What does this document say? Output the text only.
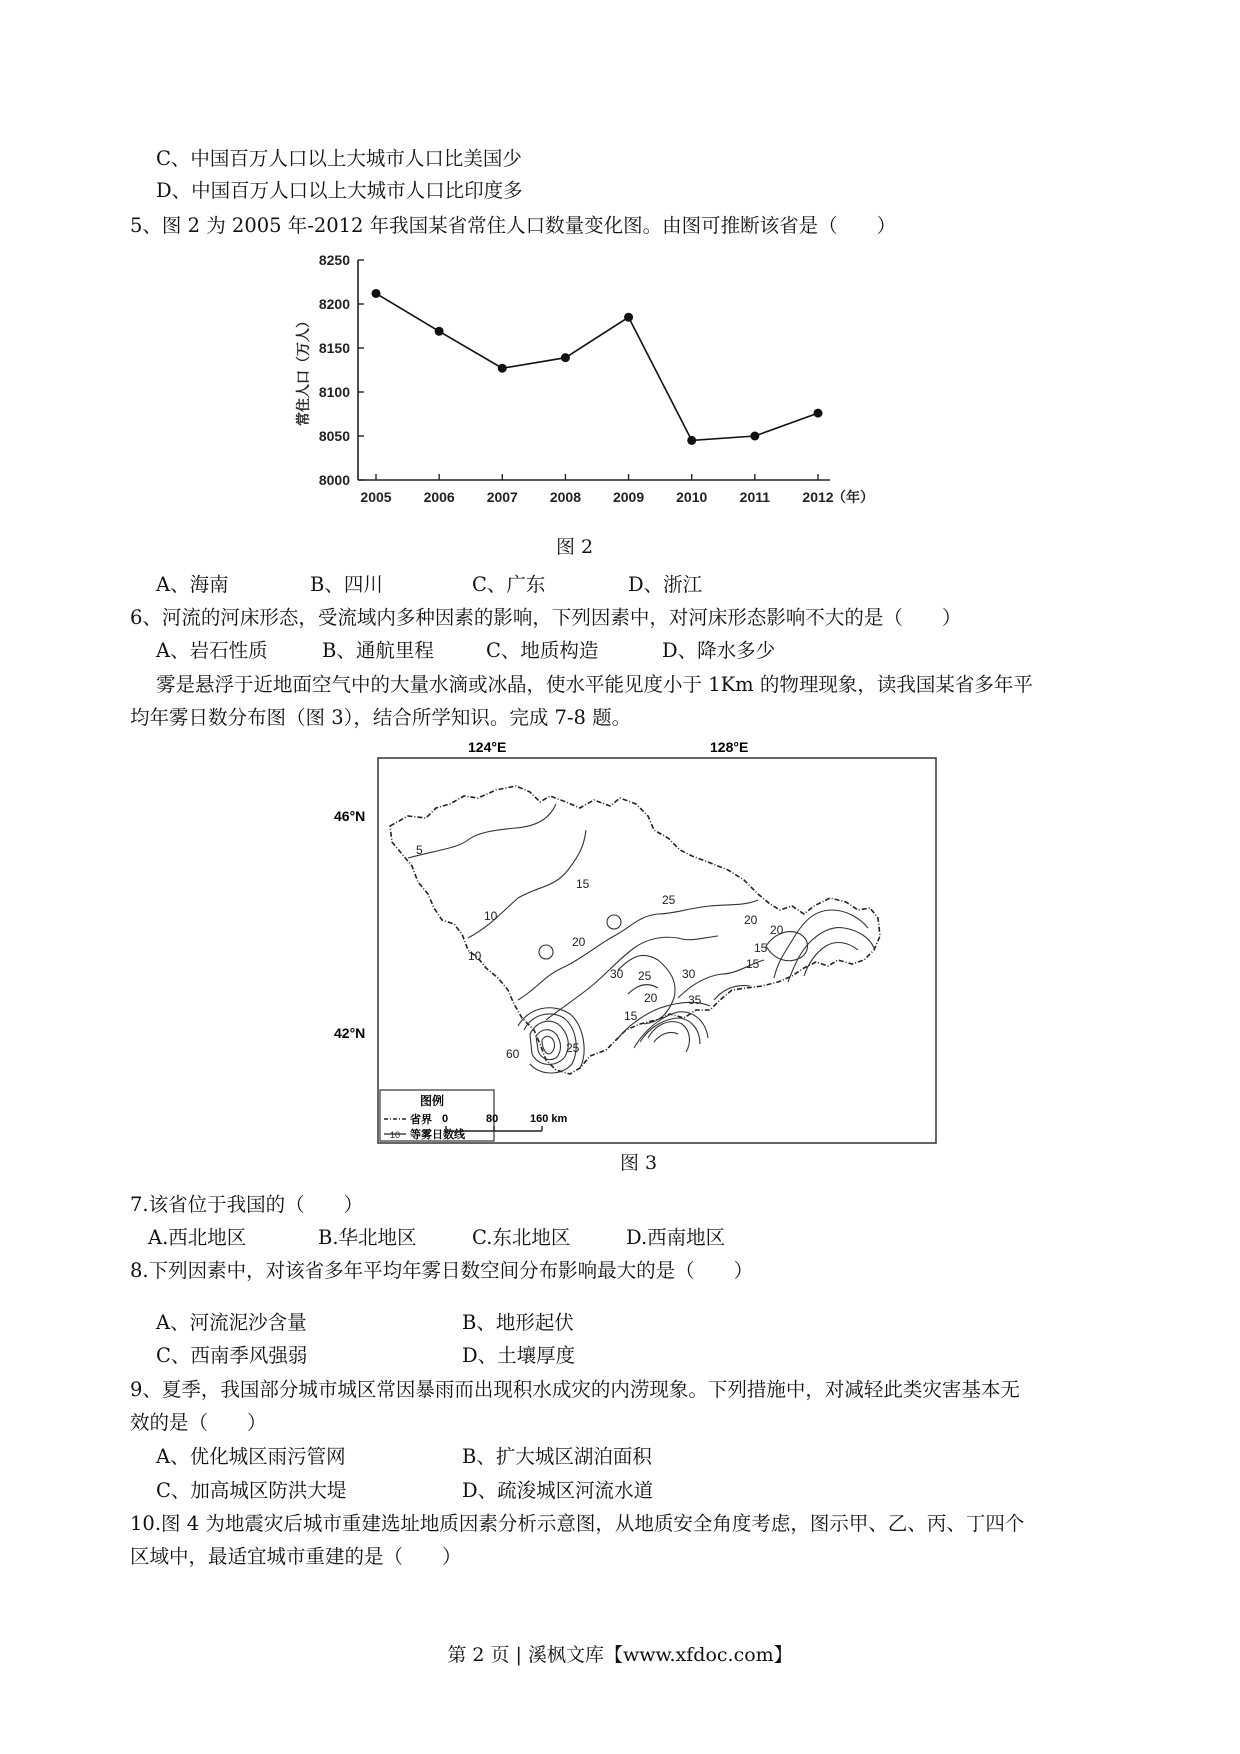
C、中国百万人口以上大城市人口比美国少
D、中国百万人口以上大城市人口比印度多
5、图 2 为 2005 年-2012 年我国某省常住人口数量变化图。由图可推断该省是（　　）
8000
8050
8100
8150
8200
8250
2005 2006 2007 2008 2009 2010 2011 2012
常住人口（万人）
（年）
图 2
A、海南	B、四川	C、广东	D、浙江
6、河流的河床形态，受流域内多种因素的影响，下列因素中，对河床形态影响不大的是（　　）
A、岩石性质	B、通航里程	C、地质构造	D、降水多少
雾是悬浮于近地面空气中的大量水滴或冰晶，使水平能见度小于 1Km 的物理现象，读我国某省多年平
均年雾日数分布图（图 3），结合所学知识。完成 7-8 题。
124°E	128°E
46°N
42°N
5
10
10
15
25
20
30 25
20
15
30
35
15
20
60	25
20
15
图例
省界
10 等雾日数线
0	80	160 km
图 3
7.该省位于我国的（　　）
A.西北地区	B.华北地区	C.东北地区	D.西南地区
8.下列因素中，对该省多年平均年雾日数空间分布影响最大的是（　　）
A、河流泥沙含量	B、地形起伏
C、西南季风强弱	D、土壤厚度
9、夏季，我国部分城市城区常因暴雨而出现积水成灾的内涝现象。下列措施中，对减轻此类灾害基本无
效的是（　　）
A、优化城区雨污管网	B、扩大城区湖泊面积
C、加高城区防洪大堤	D、疏浚城区河流水道
10.图 4 为地震灾后城市重建选址地质因素分析示意图，从地质安全角度考虑，图示甲、乙、丙、丁四个
区域中，最适宜城市重建的是（　　）
第 2 页 | 溪枫文库【www.xfdoc.com】
